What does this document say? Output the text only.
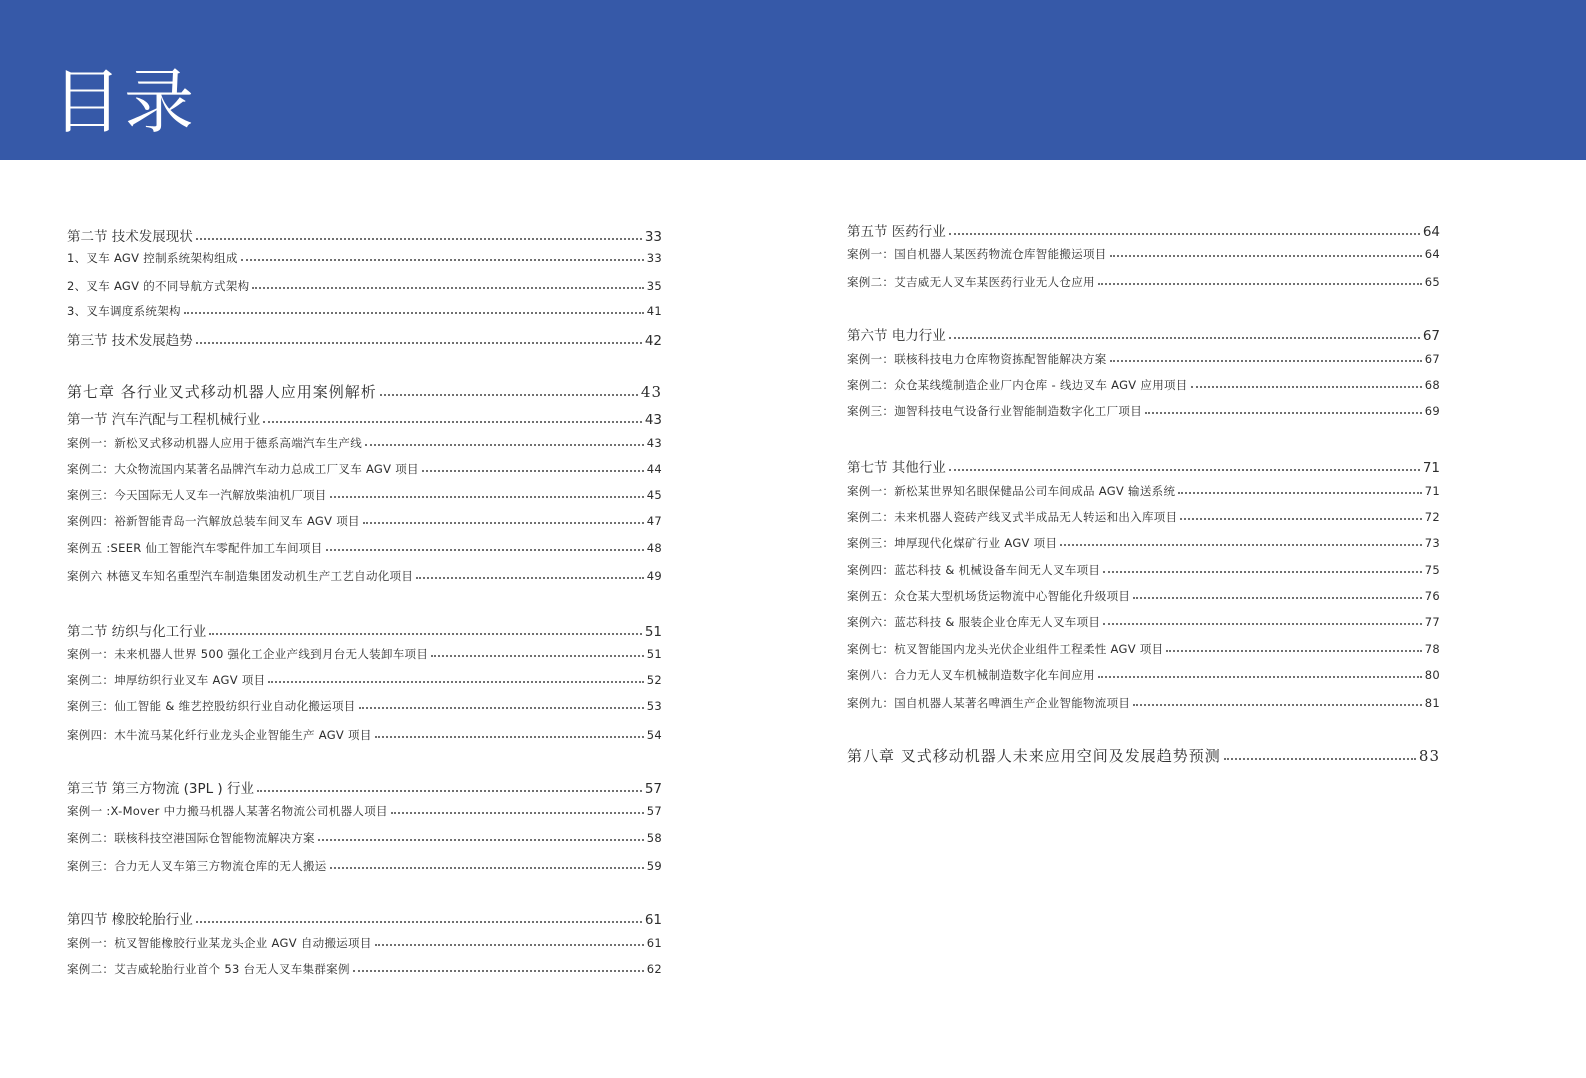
目录
第二节 技术发展现状	33
1、叉车 AGV 控制系统架构组成	33
2、叉车 AGV 的不同导航方式架构	35
3、叉车调度系统架构	41
第三节 技术发展趋势	42
第七章 各行业叉式移动机器人应用案例解析	43
第一节 汽车汽配与工程机械行业	43
案例一：新松叉式移动机器人应用于德系高端汽车生产线	43
案例二：大众物流国内某著名品牌汽车动力总成工厂叉车 AGV 项目	44
案例三：今天国际无人叉车一汽解放柴油机厂项目	45
案例四：裕新智能青岛一汽解放总装车间叉车 AGV 项目	47
案例五 :SEER 仙工智能汽车零配件加工车间项目	48
案例六 林德叉车知名重型汽车制造集团发动机生产工艺自动化项目	49
第二节 纺织与化工行业	51
案例一：未来机器人世界 500 强化工企业产线到月台无人装卸车项目	51
案例二：坤厚纺织行业叉车 AGV 项目	52
案例三：仙工智能 & 维艺控股纺织行业自动化搬运项目	53
案例四：木牛流马某化纤行业龙头企业智能生产 AGV 项目	54
第三节 第三方物流 (3PL ) 行业	57
案例一 :X-Mover 中力搬马机器人某著名物流公司机器人项目	57
案例二：联核科技空港国际仓智能物流解决方案	58
案例三：合力无人叉车第三方物流仓库的无人搬运	59
第四节 橡胶轮胎行业	61
案例一：杭叉智能橡胶行业某龙头企业 AGV 自动搬运项目	61
案例二：艾吉威轮胎行业首个 53 台无人叉车集群案例	62
第五节 医药行业	64
案例一：国自机器人某医药物流仓库智能搬运项目	64
案例二：艾吉威无人叉车某医药行业无人仓应用	65
第六节 电力行业	67
案例一：联核科技电力仓库物资拣配智能解决方案	67
案例二：众仓某线缆制造企业厂内仓库 - 线边叉车 AGV 应用项目	68
案例三：迦智科技电气设备行业智能制造数字化工厂项目	69
第七节 其他行业	71
案例一：新松某世界知名眼保健品公司车间成品 AGV 输送系统	71
案例二：未来机器人瓷砖产线叉式半成品无人转运和出入库项目	72
案例三：坤厚现代化煤矿行业 AGV 项目	73
案例四：蓝芯科技 & 机械设备车间无人叉车项目	75
案例五：众仓某大型机场货运物流中心智能化升级项目	76
案例六：蓝芯科技 & 服装企业仓库无人叉车项目	77
案例七：杭叉智能国内龙头光伏企业组件工程柔性 AGV 项目	78
案例八：合力无人叉车机械制造数字化车间应用	80
案例九：国自机器人某著名啤酒生产企业智能物流项目	81
第八章 叉式移动机器人未来应用空间及发展趋势预测	83
